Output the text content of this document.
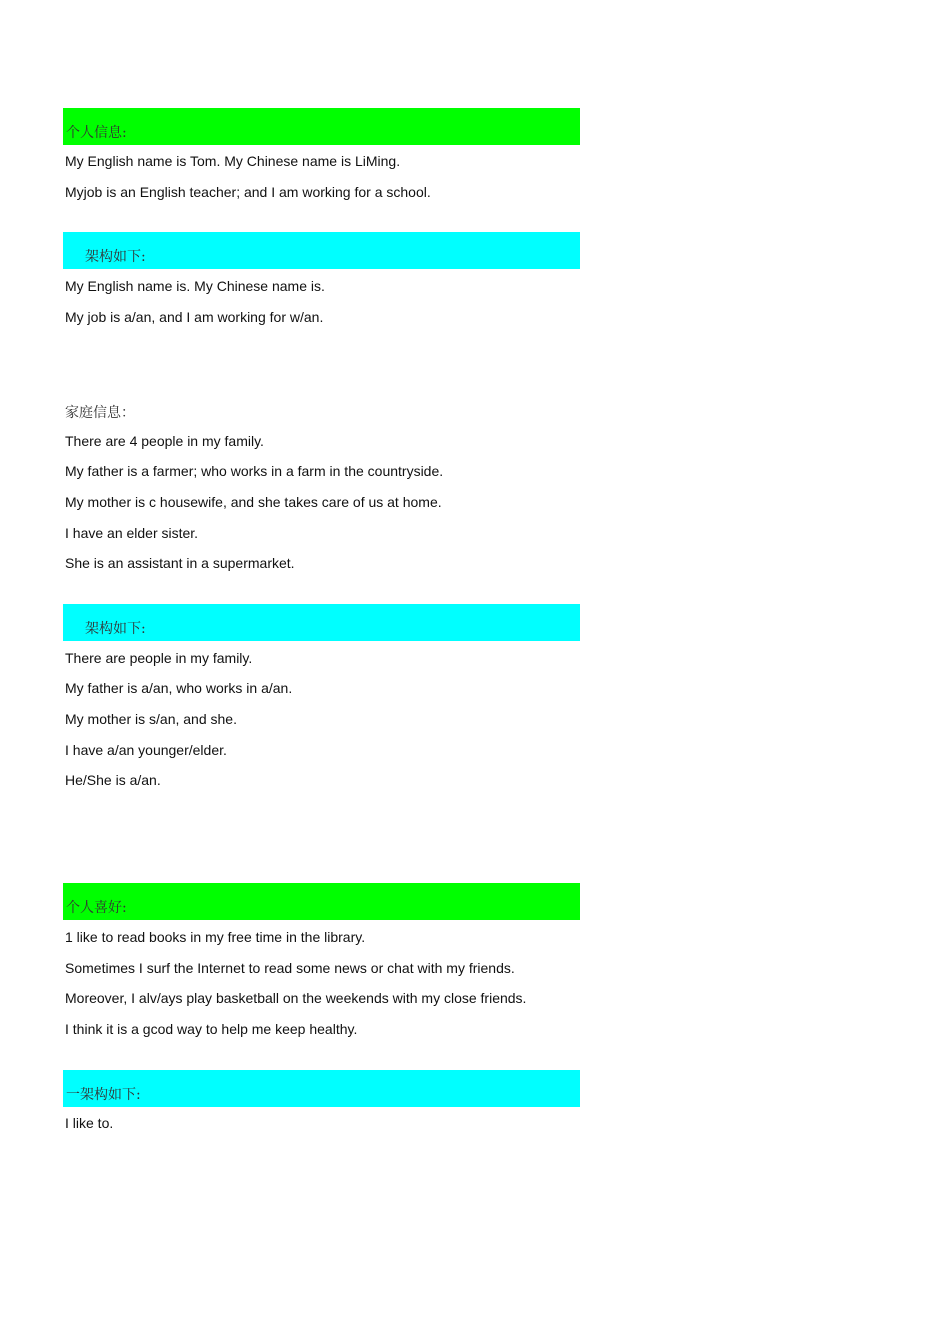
个人信息:
My English name is Tom. My Chinese name is LiMing.
Myjob is an English teacher; and I am working for a school.
架构如下:
My English name is. My Chinese name is.
My job is a/an, and I am working for w/an.
家庭信息：
There are 4 people in my family.
My father is a farmer; who works in a farm in the countryside.
My mother is c housewife, and she takes care of us at home.
I have an elder sister.
She is an assistant in a supermarket.
架构如下:
There are people in my family.
My father is a/an, who works in a/an.
My mother is s/an, and she.
I have a/an younger/elder.
He/She is a/an.
个人喜好:
1 like to read books in my free time in the library.
Sometimes I surf the Internet to read some news or chat with my friends.
Moreover, I alv/ays play basketball on the weekends with my close friends.
I think it is a gcod way to help me keep healthy.
一架构如下:
I like to.
